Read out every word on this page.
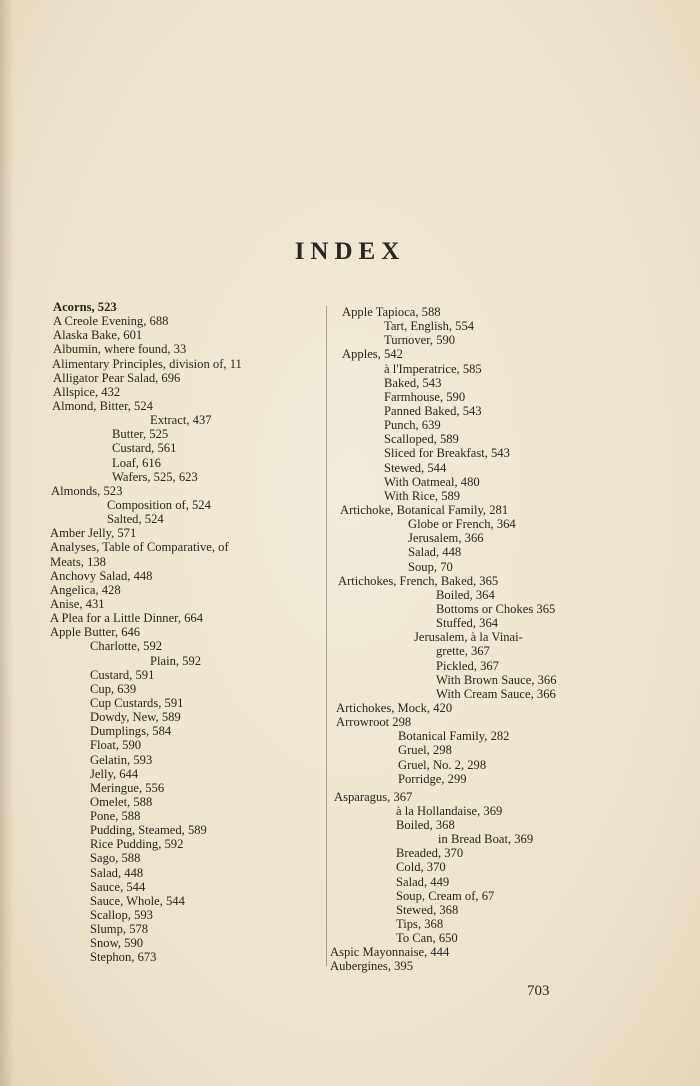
INDEX
Acorns, 523
A Creole Evening, 688
Alaska Bake, 601
Albumin, where found, 33
Alimentary Principles, division of, 11
Alligator Pear Salad, 696
Allspice, 432
Almond, Bitter, 524
Extract, 437
Butter, 525
Custard, 561
Loaf, 616
Wafers, 525, 623
Almonds, 523
Composition of, 524
Salted, 524
Amber Jelly, 571
Analyses, Table of Comparative, of
Meats, 138
Anchovy Salad, 448
Angelica, 428
Anise, 431
A Plea for a Little Dinner, 664
Apple Butter, 646
Charlotte, 592
Plain, 592
Custard, 591
Cup, 639
Cup Custards, 591
Dowdy, New, 589
Dumplings, 584
Float, 590
Gelatin, 593
Jelly, 644
Meringue, 556
Omelet, 588
Pone, 588
Pudding, Steamed, 589
Rice Pudding, 592
Sago, 588
Salad, 448
Sauce, 544
Sauce, Whole, 544
Scallop, 593
Slump, 578
Snow, 590
Stephon, 673
Apple Tapioca, 588
Tart, English, 554
Turnover, 590
Apples, 542
à l'Imperatrice, 585
Baked, 543
Farmhouse, 590
Panned Baked, 543
Punch, 639
Scalloped, 589
Sliced for Breakfast, 543
Stewed, 544
With Oatmeal, 480
With Rice, 589
Artichoke, Botanical Family, 281
Globe or French, 364
Jerusalem, 366
Salad, 448
Soup, 70
Artichokes, French, Baked, 365
Boiled, 364
Bottoms or Chokes 365
Stuffed, 364
Jerusalem, à la Vinai-
grette, 367
Pickled, 367
With Brown Sauce, 366
With Cream Sauce, 366
Artichokes, Mock, 420
Arrowroot 298
Botanical Family, 282
Gruel, 298
Gruel, No. 2, 298
Porridge, 299
Asparagus, 367
à la Hollandaise, 369
Boiled, 368
in Bread Boat, 369
Breaded, 370
Cold, 370
Salad, 449
Soup, Cream of, 67
Stewed, 368
Tips, 368
To Can, 650
Aspic Mayonnaise, 444
Aubergines, 395
703
